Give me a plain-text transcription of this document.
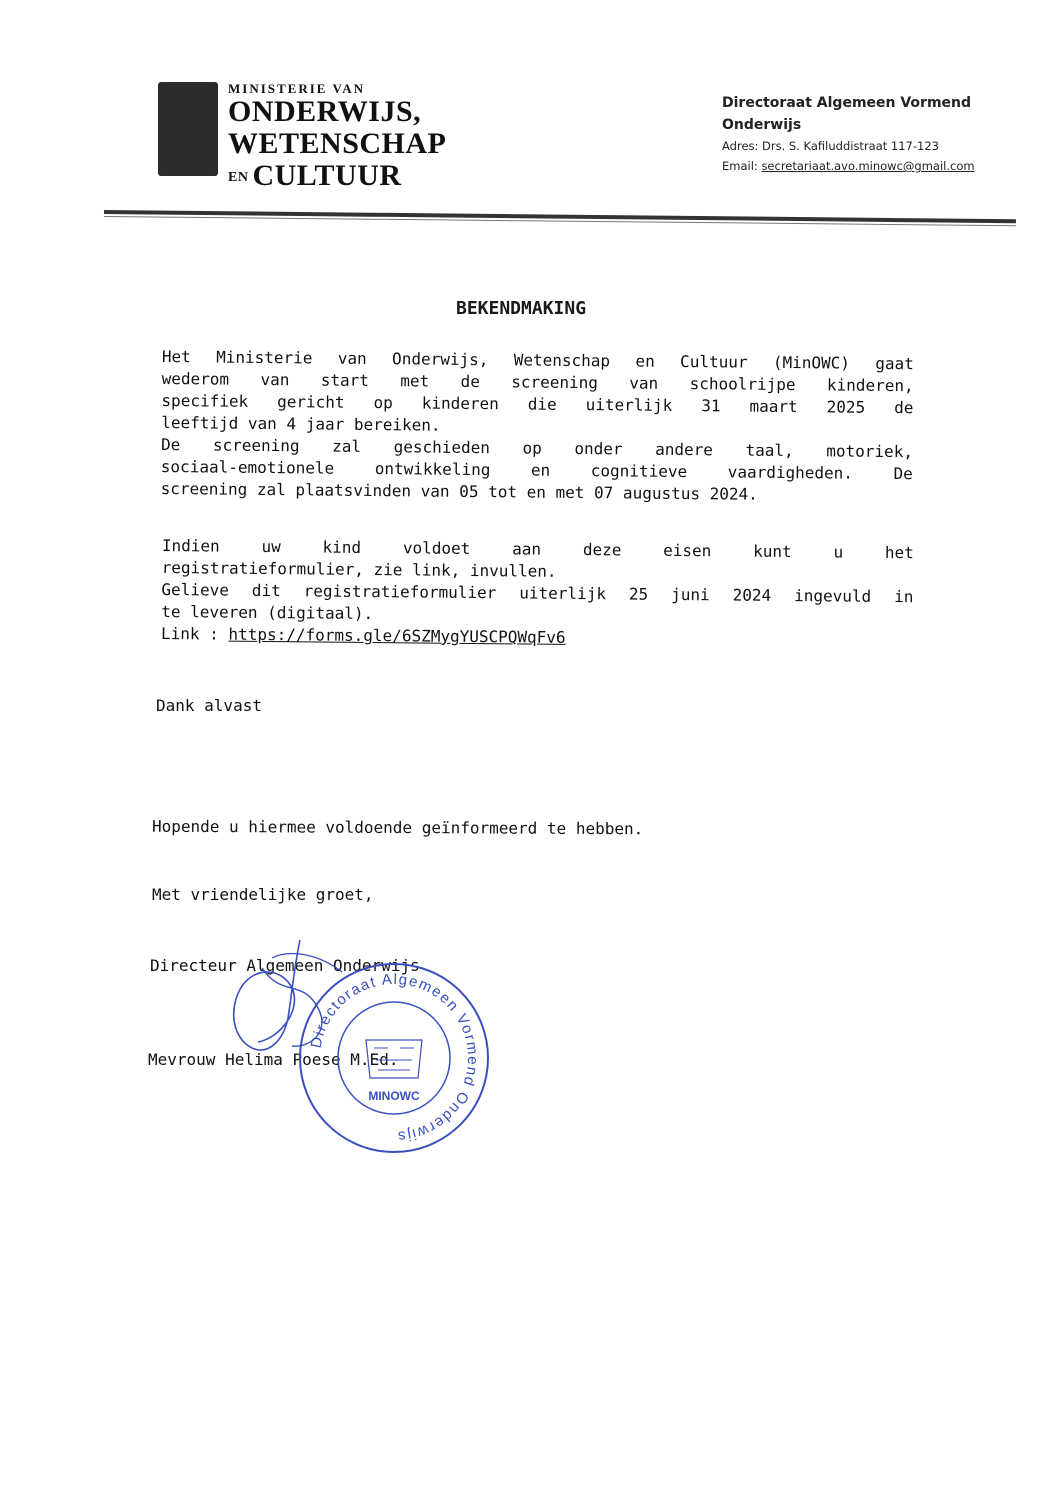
MINISTERIE VAN
ONDERWIJS,
WETENSCHAP
EN CULTUUR
Directoraat Algemeen Vormend
Onderwijs
Adres: Drs. S. Kafiluddistraat 117-123
Email: secretariaat.avo.minowc@gmail.com
BEKENDMAKING
Het Ministerie van Onderwijs, Wetenschap en Cultuur (MinOWC) gaat
wederom van start met de screening van schoolrijpe kinderen,
specifiek gericht op kinderen die uiterlijk 31 maart 2025 de
leeftijd van 4 jaar bereiken.
De screening zal geschieden op onder andere taal, motoriek,
sociaal-emotionele ontwikkeling en cognitieve vaardigheden. De
screening zal plaatsvinden van 05 tot en met 07 augustus 2024.
Indien uw kind voldoet aan deze eisen kunt u het
registratieformulier, zie link, invullen.
Gelieve dit registratieformulier uiterlijk 25 juni 2024 ingevuld in
te leveren (digitaal).
Link : https://forms.gle/6SZMygYUSCPQWqFv6
Dank alvast
Hopende u hiermee voldoende geïnformeerd te hebben.
Met vriendelijke groet,
Directeur Algemeen Onderwijs
Mevrouw Helima Poese M.Ed.
Directoraat Algemeen Vormend Onderwijs
MINOWC
